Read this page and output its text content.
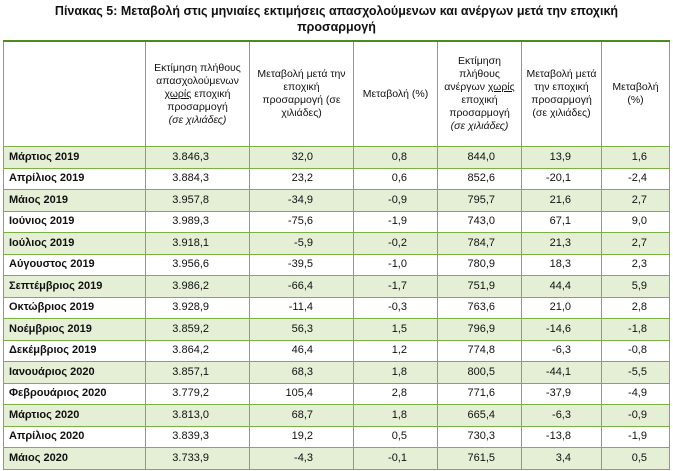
Πίνακας 5: Μεταβολή στις μηνιαίες εκτιμήσεις απασχολούμενων και ανέργων μετά την εποχική
προσαρμογή
	Εκτίμηση πλήθους απασχολούμενων χωρίς εποχική προσαρμογή
(σε χιλιάδες)	Μεταβολή μετά την εποχική προσαρμογή (σε χιλιάδες)	Μεταβολή (%)	Εκτίμηση πλήθους ανέργων χωρίς εποχική προσαρμογή
(σε χιλιάδες)	Μεταβολή μετά την εποχική προσαρμογή (σε χιλιάδες)	Μεταβολή (%)
Μάρτιος 2019	3.846,3	32,0	0,8	844,0	13,9	1,6
Απρίλιος 2019	3.884,3	23,2	0,6	852,6	-20,1	-2,4
Μάιος 2019	3.957,8	-34,9	-0,9	795,7	21,6	2,7
Ιούνιος 2019	3.989,3	-75,6	-1,9	743,0	67,1	9,0
Ιούλιος 2019	3.918,1	-5,9	-0,2	784,7	21,3	2,7
Αύγουστος 2019	3.956,6	-39,5	-1,0	780,9	18,3	2,3
Σεπτέμβριος 2019	3.986,2	-66,4	-1,7	751,9	44,4	5,9
Οκτώβριος 2019	3.928,9	-11,4	-0,3	763,6	21,0	2,8
Νοέμβριος 2019	3.859,2	56,3	1,5	796,9	-14,6	-1,8
Δεκέμβριος 2019	3.864,2	46,4	1,2	774,8	-6,3	-0,8
Ιανουάριος 2020	3.857,1	68,3	1,8	800,5	-44,1	-5,5
Φεβρουάριος 2020	3.779,2	105,4	2,8	771,6	-37,9	-4,9
Μάρτιος 2020	3.813,0	68,7	1,8	665,4	-6,3	-0,9
Απρίλιος 2020	3.839,3	19,2	0,5	730,3	-13,8	-1,9
Μάιος 2020	3.733,9	-4,3	-0,1	761,5	3,4	0,5
